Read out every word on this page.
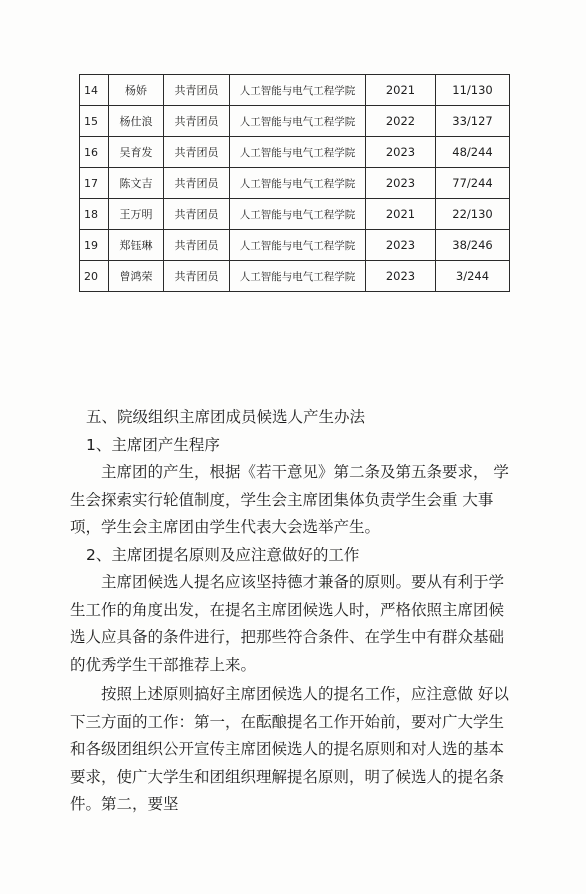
14	杨娇	共青团员	人工智能与电气工程学院	2021	11/130
15	杨仕浪	共青团员	人工智能与电气工程学院	2022	33/127
16	吴育发	共青团员	人工智能与电气工程学院	2023	48/244
17	陈文吉	共青团员	人工智能与电气工程学院	2023	77/244
18	王万明	共青团员	人工智能与电气工程学院	2021	22/130
19	郑钰琳	共青团员	人工智能与电气工程学院	2023	38/246
20	曾鸿荣	共青团员	人工智能与电气工程学院	2023	3/244

五、院级组织主席团成员候选人产生办法

1、主席团产生程序

主席团的产生，根据《若干意见》第二条及第五条要求， 学生会探索实行轮值制度，学生会主席团集体负责学生会重 大事项，学生会主席团由学生代表大会选举产生。

2、主席团提名原则及应注意做好的工作

主席团候选人提名应该坚持德才兼备的原则。要从有利于学生工作的角度出发，在提名主席团候选人时，严格依照主席团候选人应具备的条件进行，把那些符合条件、在学生中有群众基础的优秀学生干部推荐上来。

按照上述原则搞好主席团候选人的提名工作，应注意做 好以下三方面的工作：第一，在酝酿提名工作开始前，要对广大学生和各级团组织公开宣传主席团候选人的提名原则和对人选的基本要求，使广大学生和团组织理解提名原则，明了候选人的提名条件。第二，要坚
